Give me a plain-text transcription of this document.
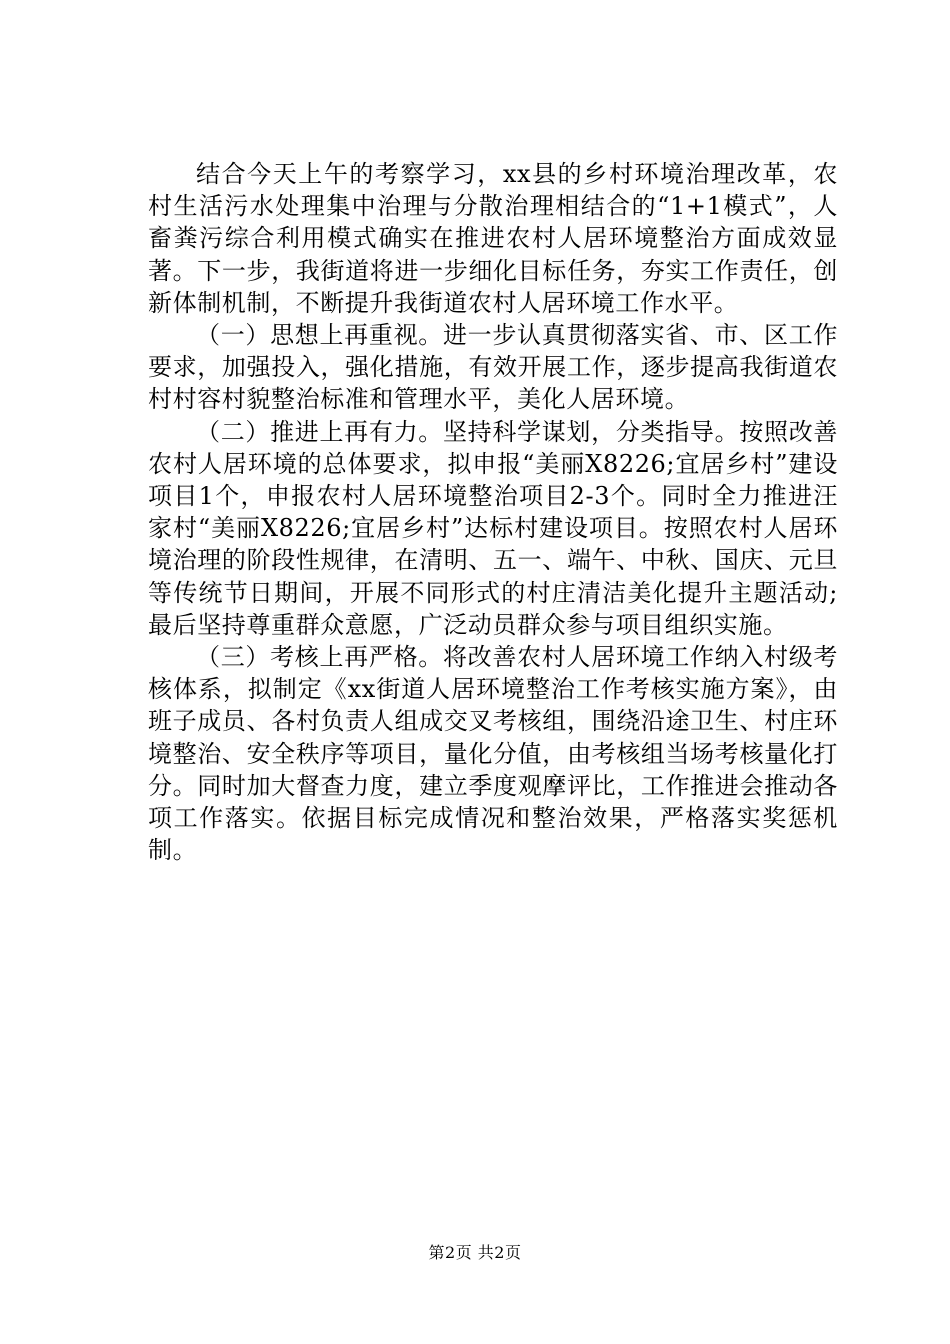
结合今天上午的考察学习，xx县的乡村环境治理改革，农村生活污水处理集中治理与分散治理相结合的“1+1模式”，人畜粪污综合利用模式确实在推进农村人居环境整治方面成效显著。下一步，我街道将进一步细化目标任务，夯实工作责任，创新体制机制，不断提升我街道农村人居环境工作水平。

（一）思想上再重视。进一步认真贯彻落实省、市、区工作要求，加强投入，强化措施，有效开展工作，逐步提高我街道农村村容村貌整治标准和管理水平，美化人居环境。

（二）推进上再有力。坚持科学谋划，分类指导。按照改善农村人居环境的总体要求，拟申报“美丽X8226;宜居乡村”建设项目1个，申报农村人居环境整治项目2-3个。同时全力推进汪家村“美丽X8226;宜居乡村”达标村建设项目。按照农村人居环境治理的阶段性规律，在清明、五一、端午、中秋、国庆、元旦等传统节日期间，开展不同形式的村庄清洁美化提升主题活动;最后坚持尊重群众意愿，广泛动员群众参与项目组织实施。

（三）考核上再严格。将改善农村人居环境工作纳入村级考核体系，拟制定《xx街道人居环境整治工作考核实施方案》，由班子成员、各村负责人组成交叉考核组，围绕沿途卫生、村庄环境整治、安全秩序等项目，量化分值，由考核组当场考核量化打分。同时加大督查力度，建立季度观摩评比，工作推进会推动各项工作落实。依据目标完成情况和整治效果，严格落实奖惩机制。

第2页 共2页
